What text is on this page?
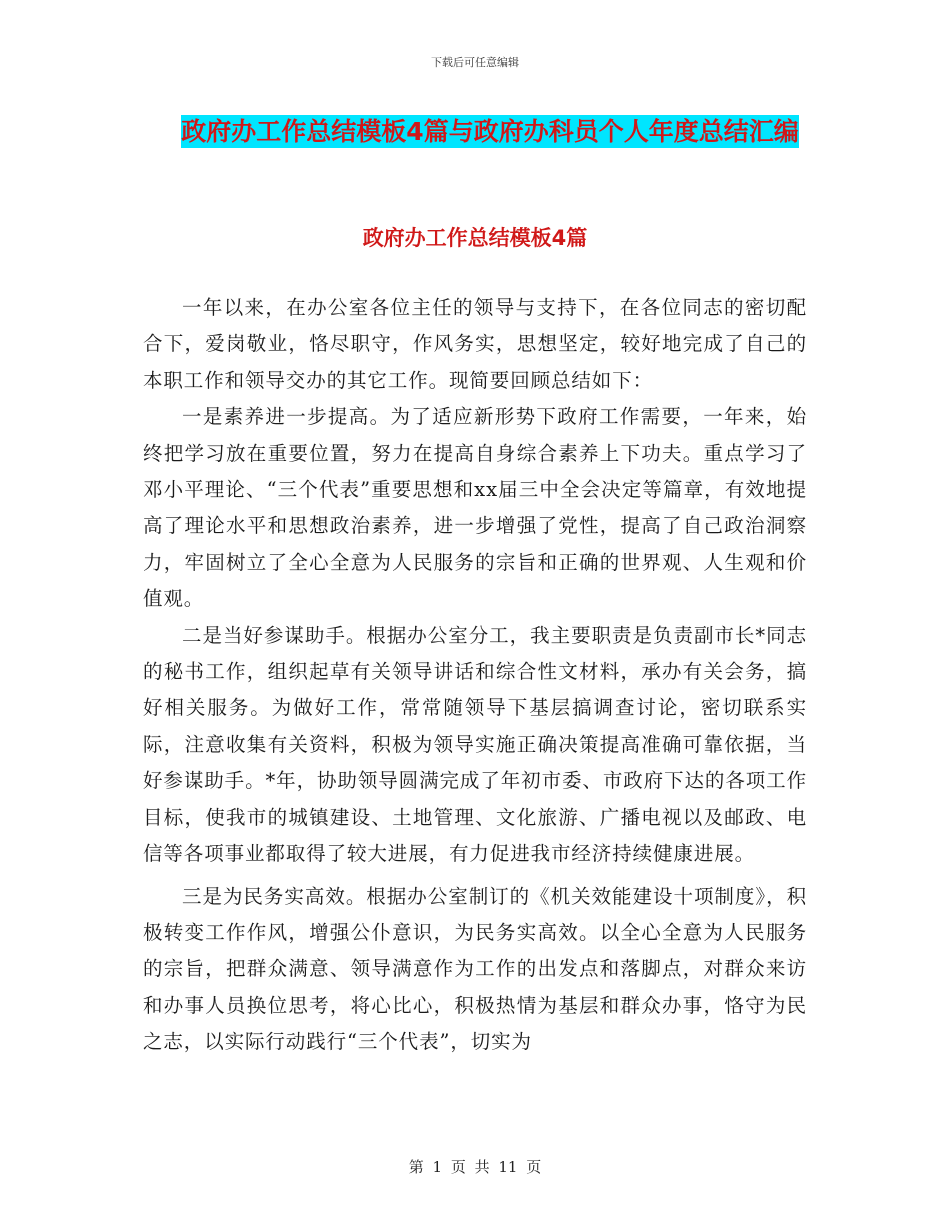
下载后可任意编辑
政府办工作总结模板4篇与政府办科员个人年度总结汇编
政府办工作总结模板4篇

一年以来，在办公室各位主任的领导与支持下，在各位同志的密切配合下，爱岗敬业，恪尽职守，作风务实，思想坚定，较好地完成了自己的本职工作和领导交办的其它工作。现简要回顾总结如下：

一是素养进一步提高。为了适应新形势下政府工作需要，一年来，始终把学习放在重要位置，努力在提高自身综合素养上下功夫。重点学习了邓小平理论、“三个代表”重要思想和xx届三中全会决定等篇章，有效地提高了理论水平和思想政治素养，进一步增强了党性，提高了自己政治洞察力，牢固树立了全心全意为人民服务的宗旨和正确的世界观、人生观和价值观。

二是当好参谋助手。根据办公室分工，我主要职责是负责副市长*同志的秘书工作，组织起草有关领导讲话和综合性文材料，承办有关会务，搞好相关服务。为做好工作，常常随领导下基层搞调查讨论，密切联系实际，注意收集有关资料，积极为领导实施正确决策提高准确可靠依据，当好参谋助手。*年，协助领导圆满完成了年初市委、市政府下达的各项工作目标，使我市的城镇建设、土地管理、文化旅游、广播电视以及邮政、电信等各项事业都取得了较大进展，有力促进我市经济持续健康进展。

三是为民务实高效。根据办公室制订的《机关效能建设十项制度》，积极转变工作作风，增强公仆意识，为民务实高效。以全心全意为人民服务的宗旨，把群众满意、领导满意作为工作的出发点和落脚点，对群众来访和办事人员换位思考，将心比心，积极热情为基层和群众办事，恪守为民之志，以实际行动践行“三个代表”，切实为

第 1 页 共 11 页
